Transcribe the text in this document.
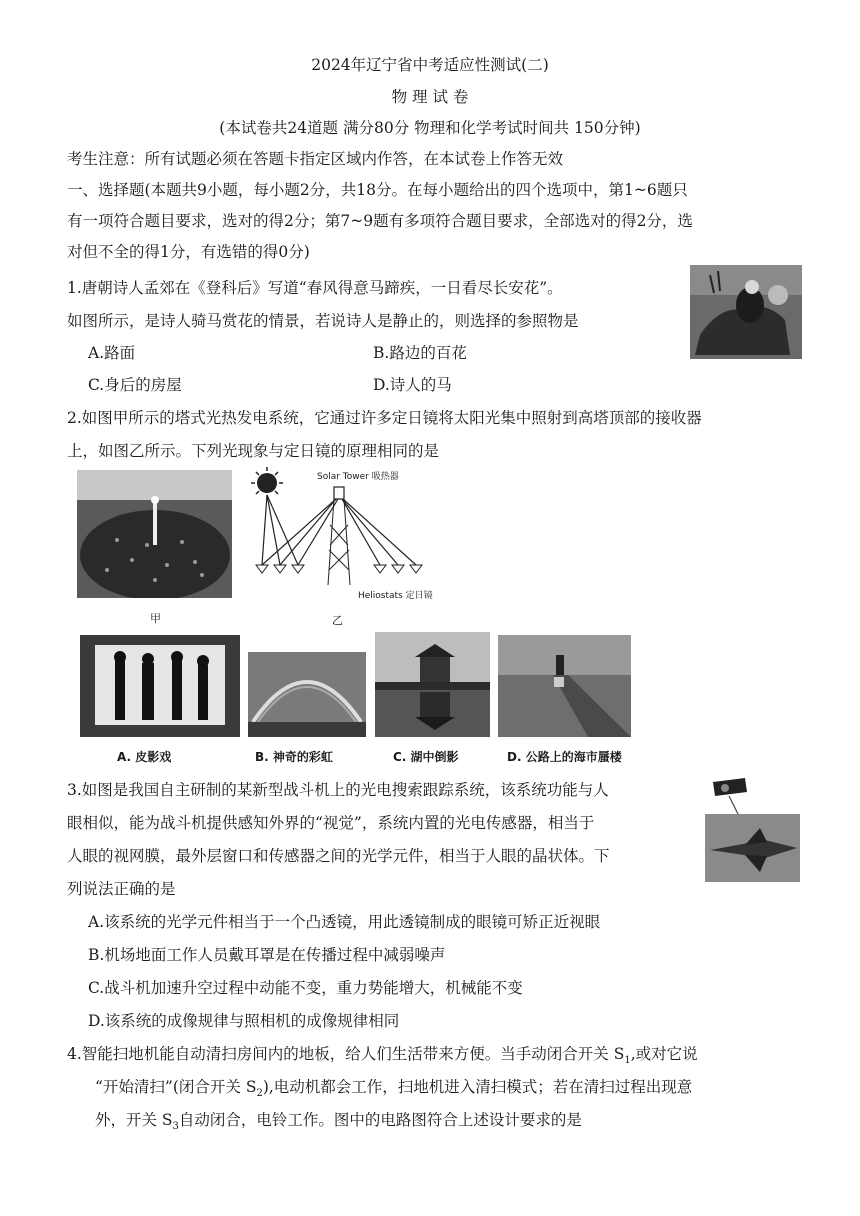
2024年辽宁省中考适应性测试(二)
物 理 试 卷
(本试卷共24道题 满分80分 物理和化学考试时间共 150分钟)
考生注意：所有试题必须在答题卡指定区域内作答，在本试卷上作答无效
一、选择题(本题共9小题，每小题2分，共18分。在每小题给出的四个选项中，第1~6题只
有一项符合题目要求，选对的得2分；第7~9题有多项符合题目要求，全部选对的得2分，选
对但不全的得1分，有选错的得0分)
1.唐朝诗人孟郊在《登科后》写道“春风得意马蹄疾，一日看尽长安花”。
如图所示，是诗人骑马赏花的情景，若说诗人是静止的，则选择的参照物是
A.路面	B.路边的百花
C.身后的房屋	D.诗人的马
2.如图甲所示的塔式光热发电系统，它通过许多定日镜将太阳光集中照射到高塔顶部的接收器
上，如图乙所示。下列光现象与定日镜的原理相同的是
甲
Solar Tower 吸热器
Heliostats 定日镜
乙
A. 皮影戏	B. 神奇的彩虹	C. 湖中倒影	D. 公路上的海市蜃楼
3.如图是我国自主研制的某新型战斗机上的光电搜索跟踪系统，该系统功能与人
眼相似，能为战斗机提供感知外界的“视觉”，系统内置的光电传感器，相当于
人眼的视网膜，最外层窗口和传感器之间的光学元件，相当于人眼的晶状体。下
列说法正确的是
A.该系统的光学元件相当于一个凸透镜，用此透镜制成的眼镜可矫正近视眼
B.机场地面工作人员戴耳罩是在传播过程中减弱噪声
C.战斗机加速升空过程中动能不变，重力势能增大，机械能不变
D.该系统的成像规律与照相机的成像规律相同
4.智能扫地机能自动清扫房间内的地板，给人们生活带来方便。当手动闭合开关 $S_1$,或对它说
“开始清扫”(闭合开关 $S_2$),电动机都会工作，扫地机进入清扫模式；若在清扫过程出现意
外，开关 $S_3$自动闭合，电铃工作。图中的电路图符合上述设计要求的是
